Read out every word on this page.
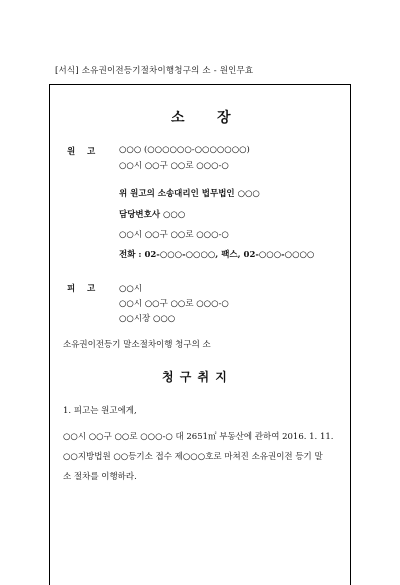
[서식] 소유권이전등기절차이행청구의 소 - 원인무효
소 장
원    고	○○○ (○○○○○○-○○○○○○○)
○○시 ○○구 ○○로 ○○○-○
위 원고의 소송대리인 법무법인 ○○○
담당변호사 ○○○
○○시 ○○구 ○○로 ○○○-○
전화 : 02-○○○-○○○○, 팩스, 02-○○○-○○○○
피    고	○○시
○○시 ○○구 ○○로 ○○○-○
○○시장 ○○○
소유권이전등기 말소절차이행 청구의 소
청 구 취 지
1. 피고는 원고에게,
○○시 ○○구 ○○로 ○○○-○ 대 2651㎡ 부동산에 관하여 2016. 1. 11.
○○지방법원 ○○등기소 접수 제○○○호로 마쳐진 소유권이전 등기 말
소 절차를 이행하라.
